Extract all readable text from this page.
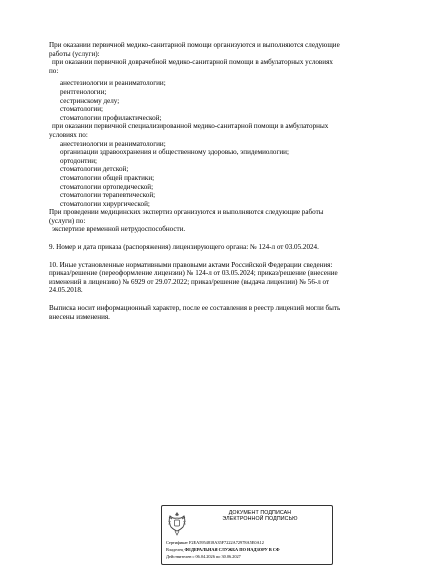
При оказании первичной медико-санитарной помощи организуются и выполняются следующие
работы (услуги):
при оказании первичной доврачебной медико-санитарной помощи в амбулаторных условиях
по:
анестезиологии и реаниматологии;
рентгенологии;
сестринскому делу;
стоматологии;
стоматологии профилактической;
при оказании первичной специализированной медико-санитарной помощи в амбулаторных
условиях по:
анестезиологии и реаниматологии;
организации здравоохранения и общественному здоровью, эпидемиологии;
ортодонтии;
стоматологии детской;
стоматологии общей практики;
стоматологии ортопедической;
стоматологии терапевтической;
стоматологии хирургической;
При проведении медицинских экспертиз организуются и выполняются следующие работы
(услуги) по:
экспертизе временной нетрудоспособности.
9. Номер и дата приказа (распоряжения) лицензирующего органа: № 124-л от 03.05.2024.
10. Иные установленные нормативными правовыми актами Российской Федерации сведения:
приказ/решение (переоформление лицензии) № 124-л от 03.05.2024; приказ/решение (внесение
изменений в лицензию) № 6929 от 29.07.2022; приказ/решение (выдача лицензии) № 56-л от
24.05.2018.
Выписка носит информационный характер, после ее составления в реестр лицензий могли быть
внесены изменения.
ДОКУМЕНТ ПОДПИСАН
ЭЛЕКТРОННОЙ ПОДПИСЬЮ
Сертификат F2EA5954818A35F7222A72978A5E0A12
Владелец ФЕДЕРАЛЬНАЯ СЛУЖБА ПО НАДЗОРУ В СФ
Действителен с 06.04.2026 по 30.06.2027
